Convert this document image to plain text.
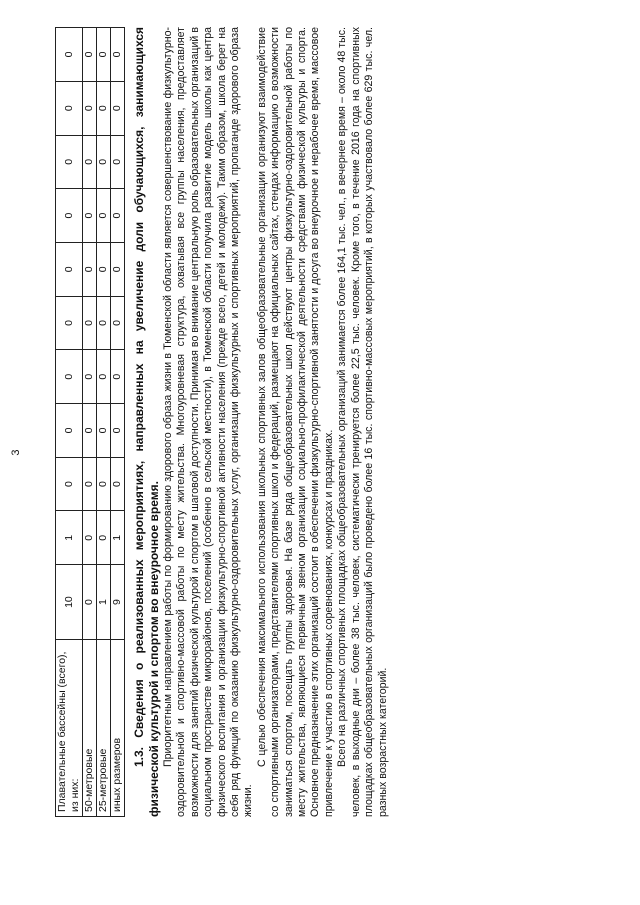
3
Плавательные бассейны (всего), из них:	10	1	0	0	0	0	0	0	0	0	0
50-метровые	0	0	0	0	0	0	0	0	0	0	0
25-метровые	1	0	0	0	0	0	0	0	0	0	0
иных размеров	9	1	0	0	0	0	0	0	0	0	0 1.3. Сведения о реализованных мероприятиях, направленных на увеличение доли обучающихся, занимающихся физической культурой и спортом во внеурочное время. Приоритетным направлением работы по формированию здорового образа жизни в Тюменской области является совершенствование физкультурно-оздоровительной и спортивно-массовой работы по месту жительства. Многоуровневая структура, охватывая все группы населения, предоставляет возможности для занятий физической культурой и спортом в шаговой доступности. Принимая во внимание центральную роль образовательных организаций в социальном пространстве микрорайонов, поселений (особенно в сельской местности), в Тюменской области получила развитие модель школы как центра физического воспитания и организации физкультурно-спортивной активности населения (прежде всего, детей и молодежи). Таким образом, школа берет на себя ряд функций по оказанию физкультурно-оздоровительных услуг, организации физкультурных и спортивных мероприятий, пропаганде здорового образа жизни.

С целью обеспечения максимального использования школьных спортивных залов общеобразовательные организации организуют взаимодействие со спортивными организаторами, представителями спортивных школ и федераций, размещают на официальных сайтах, стендах информацию о возможности заниматься спортом, посещать группы здоровья. На базе ряда общеобразовательных школ действуют центры физкультурно-оздоровительной работы по месту жительства, являющиеся первичным звеном организации социально-профилактической деятельности средствами физической культуры и спорта. Основное предназначение этих организаций состоит в обеспечении физкультурно-спортивной занятости и досуга во внеурочное и нерабочее время, массовое привлечение к участию в спортивных соревнованиях, конкурсах и праздниках. Всего на различных спортивных площадках общеобразовательных организаций занимается более 164,1 тыс. чел., в вечернее время – около 48 тыс. человек, в выходные дни – более 38 тыс. человек, систематически тренируется более 22,5 тыс. человек. Кроме того, в течение 2016 года на спортивных площадках общеобразовательных организаций было проведено более 16 тыс. спортивно-массовых мероприятий, в которых участвовало более 629 тыс. чел. разных возрастных категорий.
